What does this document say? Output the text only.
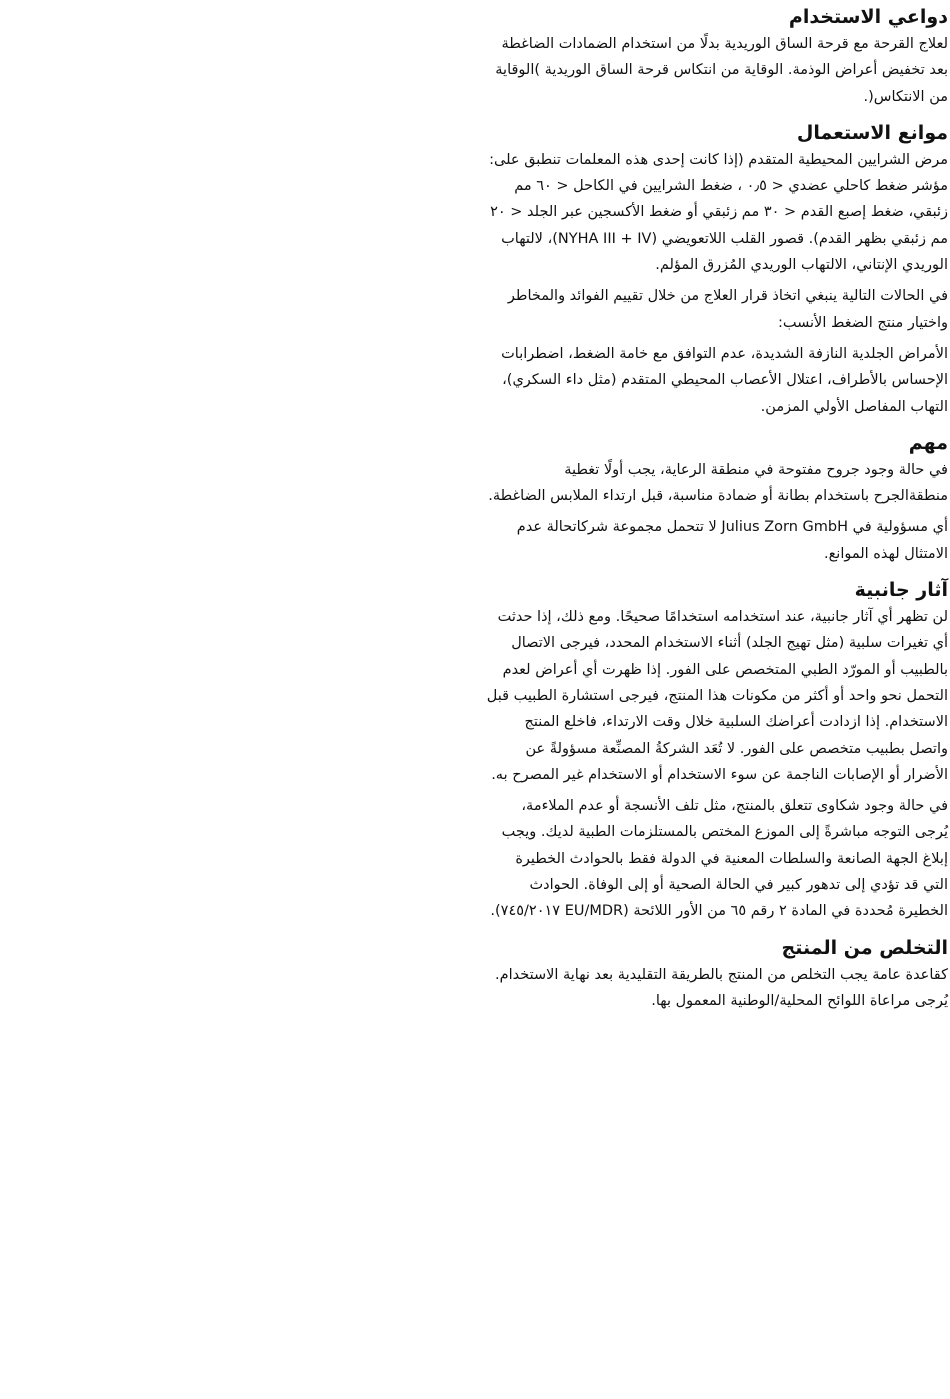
دواعي الاستخدام
لعلاج القرحة مع قرحة الساق الوريدية بدلًا من استخدام الضمادات الضاغطة بعد تخفيض أعراض الوذمة. الوقاية من انتكاس قرحة الساق الوريدية )الوقاية من الانتكاس(.
موانع الاستعمال
مرض الشرايين المحيطية المتقدم (إذا كانت إحدى هذه المعلمات تنطبق على: مؤشر ضغط كاحلي عضدي < ٠٫٥ ، ضغط الشرايين في الكاحل < ٦٠ مم زئبقي، ضغط إصبع القدم < ٣٠ مم زئبقي أو ضغط الأكسجين عبر الجلد < ٢٠ مم زئبقي بظهر القدم). قصور القلب اللاتعويضي (NYHA III + IV)، لالتهاب الوريدي الإنتاني، الالتهاب الوريدي المُزرق المؤلم.
في الحالات التالية ينبغي اتخاذ قرار العلاج من خلال تقييم الفوائد والمخاطر واختيار منتج الضغط الأنسب:
الأمراض الجلدية النازفة الشديدة، عدم التوافق مع خامة الضغط، اضطرابات الإحساس بالأطراف، اعتلال الأعصاب المحيطي المتقدم (مثل داء السكري)، التهاب المفاصل الأولي المزمن.
مهم
في حالة وجود جروح مفتوحة في منطقة الرعاية، يجب أولًا تغطية منطقةالجرح باستخدام بطانة أو ضمادة مناسبة، قبل ارتداء الملابس الضاغطة.
أي مسؤولية في Julius Zorn GmbH لا تتحمل مجموعة شركاتحالة عدم الامتثال لهذه الموانع.
آثار جانبية
لن تظهر أي آثار جانبية، عند استخدامه استخدامًا صحيحًا. ومع ذلك، إذا حدثت أي تغيرات سلبية (مثل تهيج الجلد) أثناء الاستخدام المحدد، فيرجى الاتصال بالطبيب أو المورّد الطبي المتخصص على الفور. إذا ظهرت أي أعراض لعدم التحمل نحو واحد أو أكثر من مكونات هذا المنتج، فيرجى استشارة الطبيب قبل الاستخدام. إذا ازدادت أعراضك السلبية خلال وقت الارتداء، فاخلع المنتج واتصل بطبيب متخصص على الفور. لا تُعَد الشركةُ المصنِّعة مسؤولةً عن الأضرار أو الإصابات الناجمة عن سوء الاستخدام أو الاستخدام غير المصرح به.
في حالة وجود شكاوى تتعلق بالمنتج، مثل تلف الأنسجة أو عدم الملاءمة، يُرجى التوجه مباشرةً إلى الموزع المختص بالمستلزمات الطبية لديك. ويجب إبلاغ الجهة الصانعة والسلطات المعنية في الدولة فقط بالحوادث الخطيرة التي قد تؤدي إلى تدهور كبير في الحالة الصحية أو إلى الوفاة. الحوادث الخطيرة مُحددة في المادة ٢ رقم ٦٥ من الأور اللائحة (EU/MDR ٧٤٥/٢٠١٧).
التخلص من المنتج
كقاعدة عامة يجب التخلص من المنتج بالطريقة التقليدية بعد نهاية الاستخدام. يُرجى مراعاة اللوائح المحلية/الوطنية المعمول بها.
